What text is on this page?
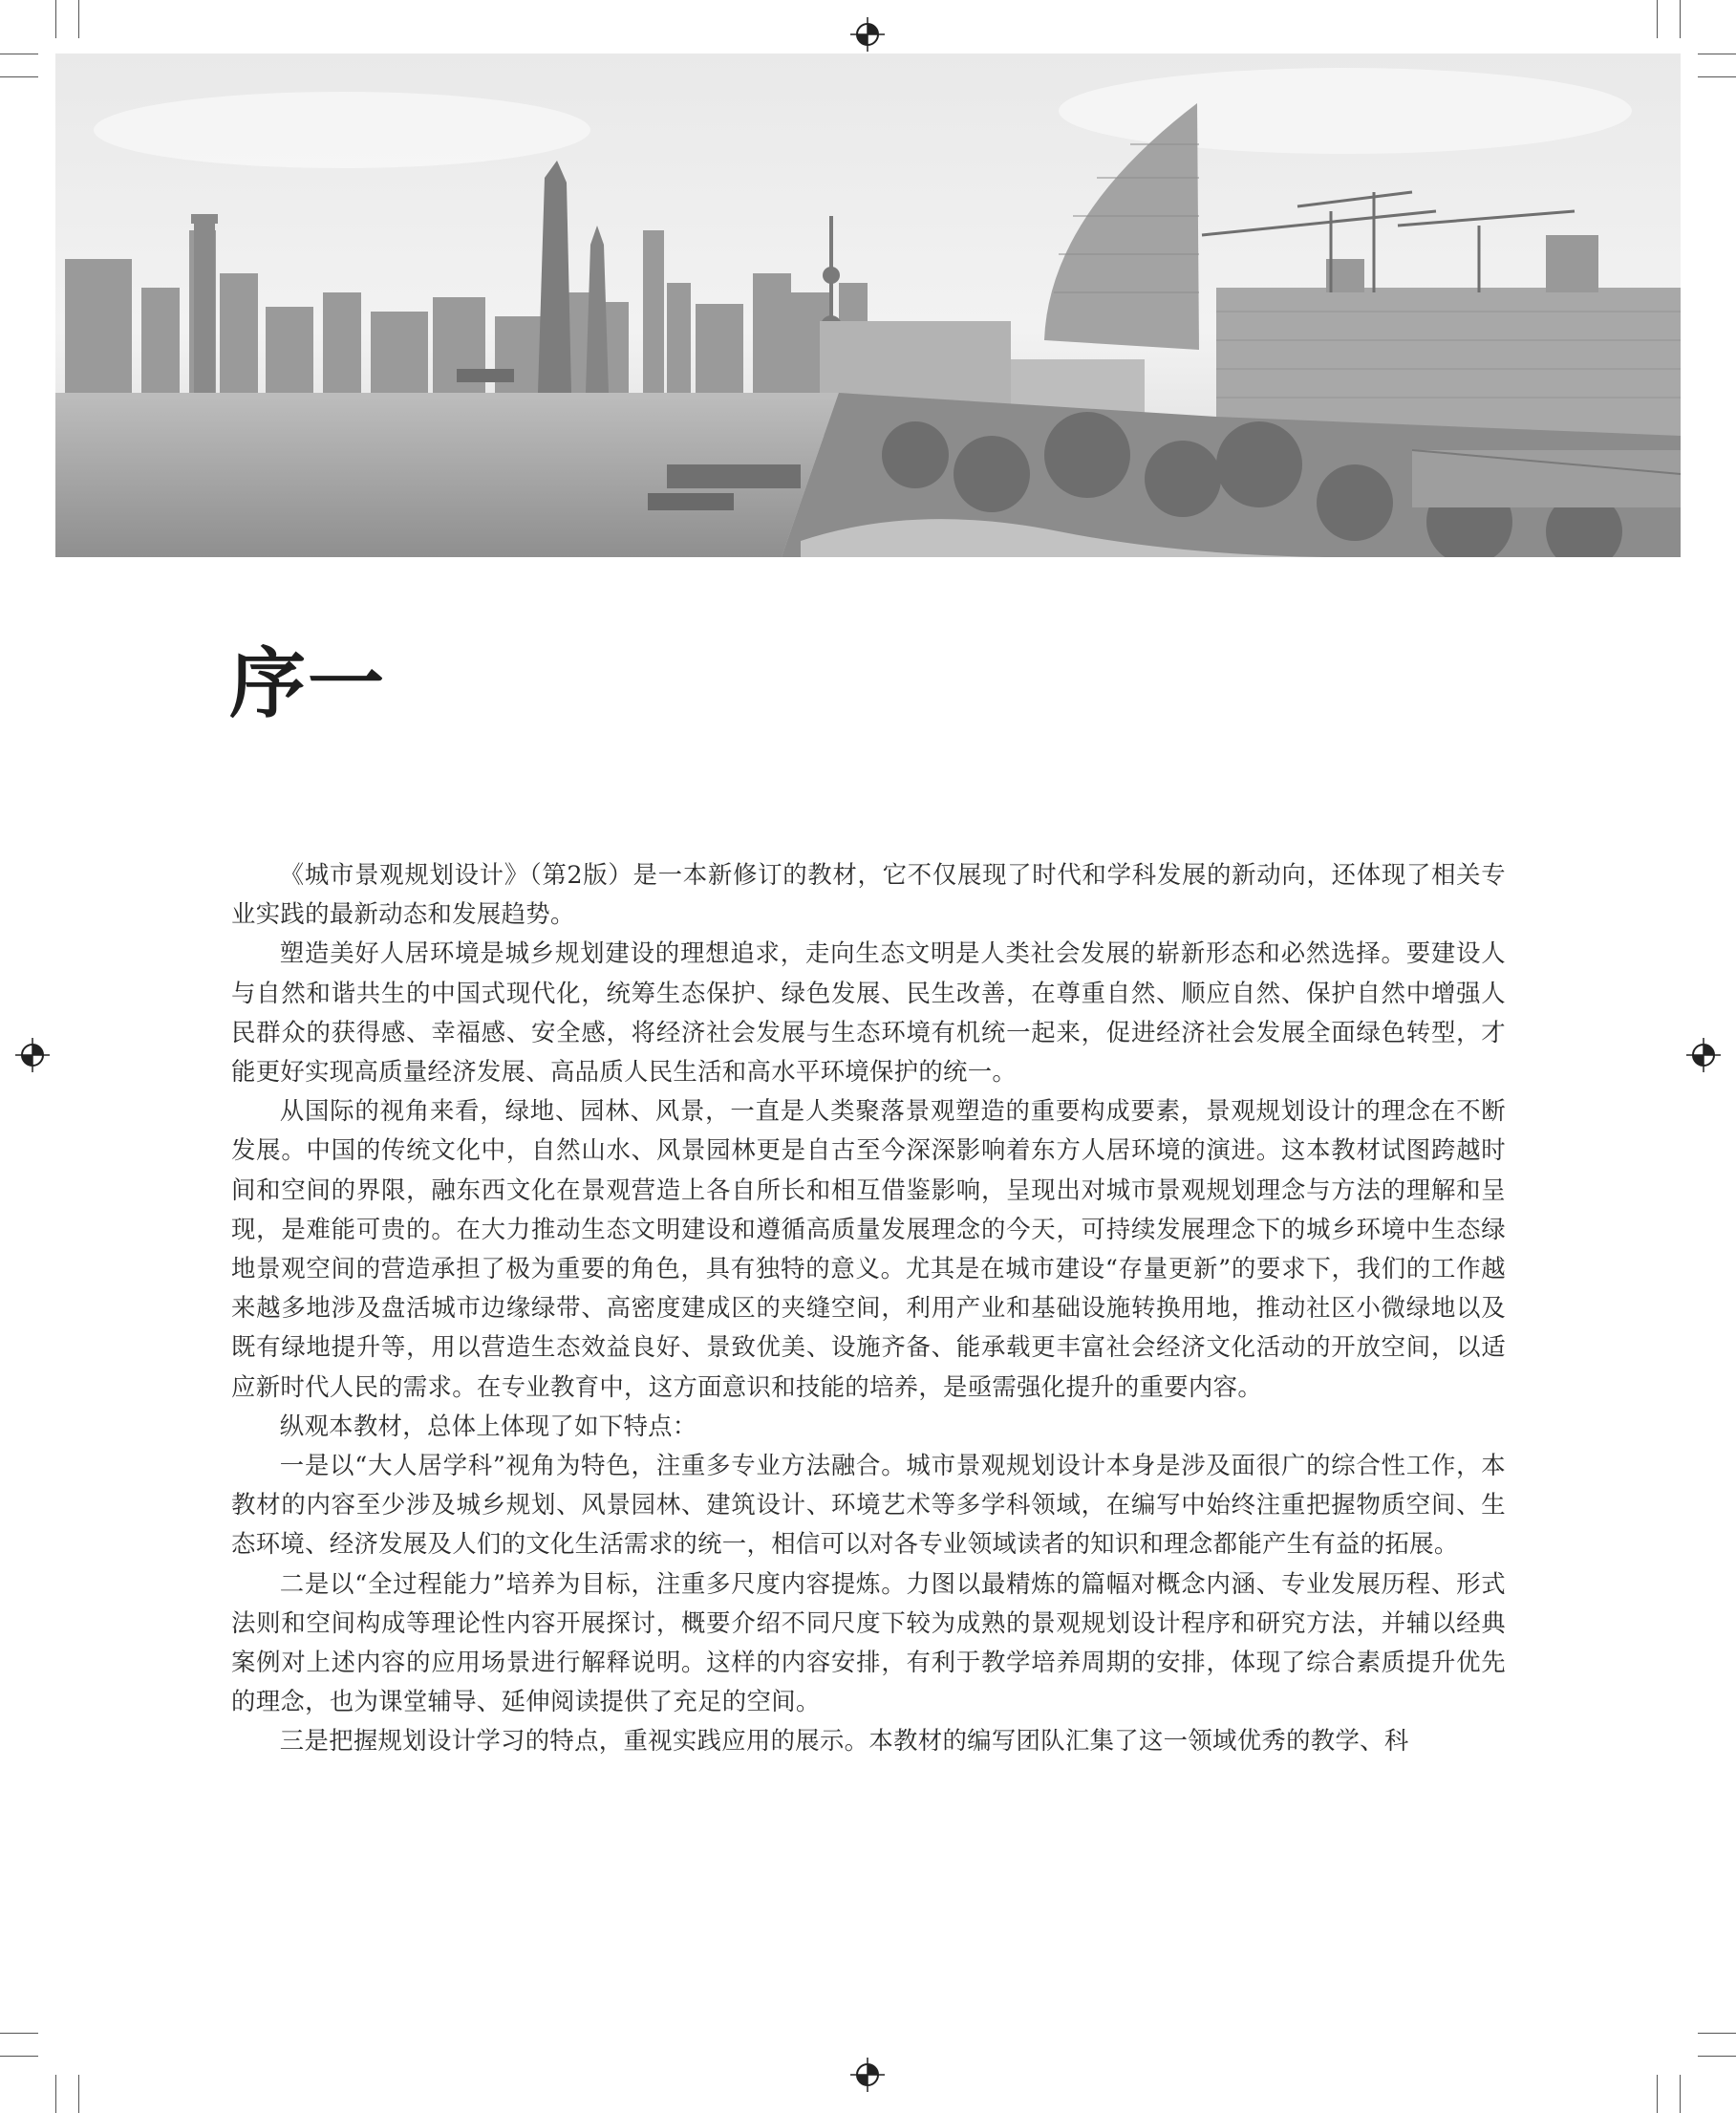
序一

《城市景观规划设计》（第2版）是一本新修订的教材，它不仅展现了时代和学科发展的新动向，还体现了相关专业实践的最新动态和发展趋势。

塑造美好人居环境是城乡规划建设的理想追求，走向生态文明是人类社会发展的崭新形态和必然选择。要建设人与自然和谐共生的中国式现代化，统筹生态保护、绿色发展、民生改善，在尊重自然、顺应自然、保护自然中增强人民群众的获得感、幸福感、安全感，将经济社会发展与生态环境有机统一起来，促进经济社会发展全面绿色转型，才能更好实现高质量经济发展、高品质人民生活和高水平环境保护的统一。

从国际的视角来看，绿地、园林、风景，一直是人类聚落景观塑造的重要构成要素，景观规划设计的理念在不断发展。中国的传统文化中，自然山水、风景园林更是自古至今深深影响着东方人居环境的演进。这本教材试图跨越时间和空间的界限，融东西文化在景观营造上各自所长和相互借鉴影响，呈现出对城市景观规划理念与方法的理解和呈现，是难能可贵的。在大力推动生态文明建设和遵循高质量发展理念的今天，可持续发展理念下的城乡环境中生态绿地景观空间的营造承担了极为重要的角色，具有独特的意义。尤其是在城市建设“存量更新”的要求下，我们的工作越来越多地涉及盘活城市边缘绿带、高密度建成区的夹缝空间，利用产业和基础设施转换用地，推动社区小微绿地以及既有绿地提升等，用以营造生态效益良好、景致优美、设施齐备、能承载更丰富社会经济文化活动的开放空间，以适应新时代人民的需求。在专业教育中，这方面意识和技能的培养，是亟需强化提升的重要内容。

纵观本教材，总体上体现了如下特点：

一是以“大人居学科”视角为特色，注重多专业方法融合。城市景观规划设计本身是涉及面很广的综合性工作，本教材的内容至少涉及城乡规划、风景园林、建筑设计、环境艺术等多学科领域，在编写中始终注重把握物质空间、生态环境、经济发展及人们的文化生活需求的统一，相信可以对各专业领域读者的知识和理念都能产生有益的拓展。

二是以“全过程能力”培养为目标，注重多尺度内容提炼。力图以最精炼的篇幅对概念内涵、专业发展历程、形式法则和空间构成等理论性内容开展探讨，概要介绍不同尺度下较为成熟的景观规划设计程序和研究方法，并辅以经典案例对上述内容的应用场景进行解释说明。这样的内容安排，有利于教学培养周期的安排，体现了综合素质提升优先的理念，也为课堂辅导、延伸阅读提供了充足的空间。

三是把握规划设计学习的特点，重视实践应用的展示。本教材的编写团队汇集了这一领域优秀的教学、科
